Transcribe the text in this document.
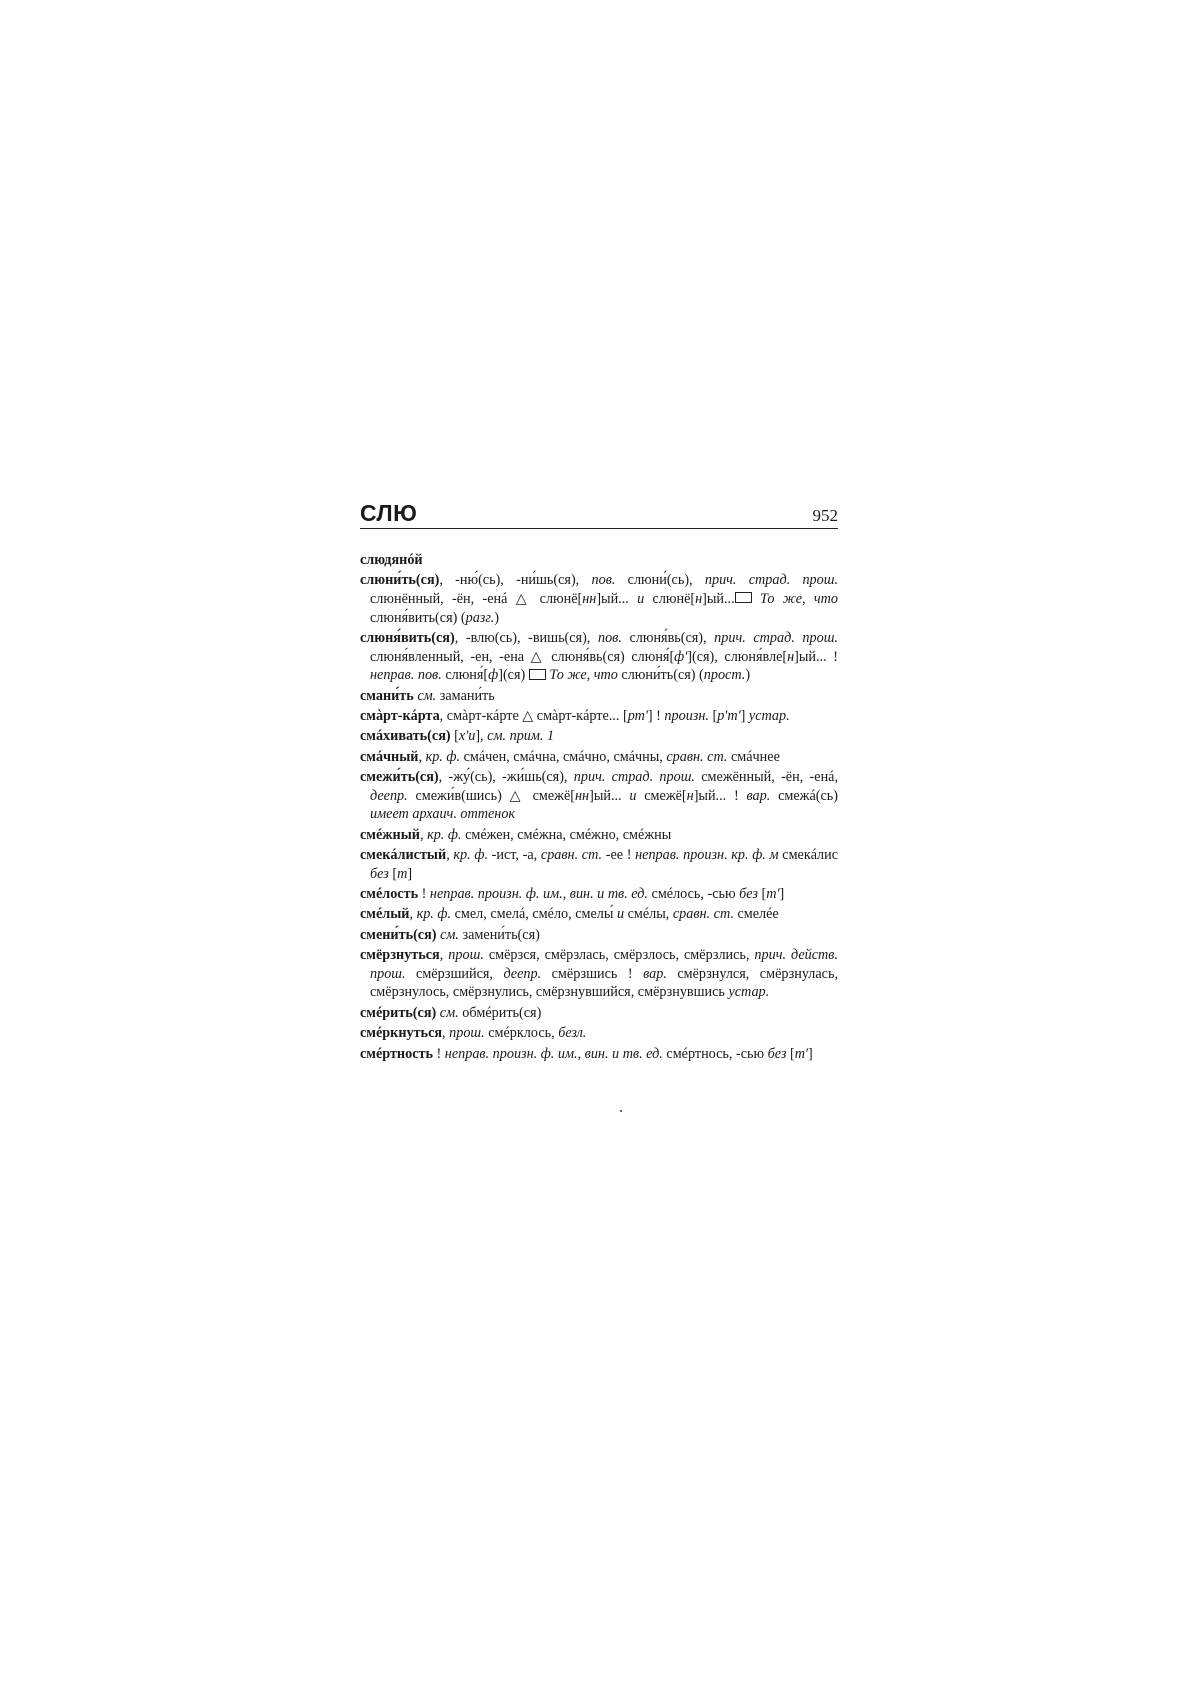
СЛЮ	952

слюдянóй

слюни́ть(ся), -ню́(сь), -ни́шь(ся), пов. слюни́(сь), прич. страд. прош. слюнённый, -ён, -енá △ слюнё[нн]ый... и слюнё[н]ый... То же, что слюня́вить(ся) (разг.)

слюня́вить(ся), -влю(сь), -вишь(ся), пов. слюня́вь(ся), прич. страд. прош. слюня́вленный, -ен, -ена △ слюня́вь(ся) слюня́[ф'](ся), слюня́вле[н]ый... ! неправ. пов. слюня́[ф](ся)  То же, что слюни́ть(ся) (прост.)

смани́ть см. замани́ть

смàрт-кáрта, смàрт-кáрте △ смàрт-кáрте... [рт'] ! произн. [р'т'] устар.

смáхивать(ся) [х'и], см. прим. 1

смáчный, кр. ф. смáчен, смáчна, смáчно, смáчны, сравн. ст. смáчнее

смежи́ть(ся), -жу́(сь), -жи́шь(ся), прич. страд. прош. смежённый, -ён, -енá, деепр. смежи́в(шись) △ смежё[нн]ый... и смежё[н]ый... ! вар. смежá(сь) имеет архаич. оттенок

смéжный, кр. ф. смéжен, смéжна, смéжно, смéжны

смекáлистый, кр. ф. -ист, -а, сравн. ст. -ее ! неправ. произн. кр. ф. м смекáлис без [т]

смéлость ! неправ. произн. ф. им., вин. и тв. ед. смéлось, -сью без [т']

смéлый, кр. ф. смел, смелá, смéло, смелы́ и смéлы, сравн. ст. смелéе

смени́ть(ся) см. замени́ть(ся)

смёрзнуться, прош. смёрзся, смёрзлась, смёрзлось, смёрзлись, прич. действ. прош. смёрзшийся, деепр. смёрзшись ! вар. смёрзнулся, смёрзнулась, смёрзнулось, смёрзнулись, смёрзнувшийся, смёрзнувшись устар.

смéрить(ся) см. обмéрить(ся)

смéркнуться, прош. смéрклось, безл.

смéртность ! неправ. произн. ф. им., вин. и тв. ед. смéртнось, -сью без [т']
